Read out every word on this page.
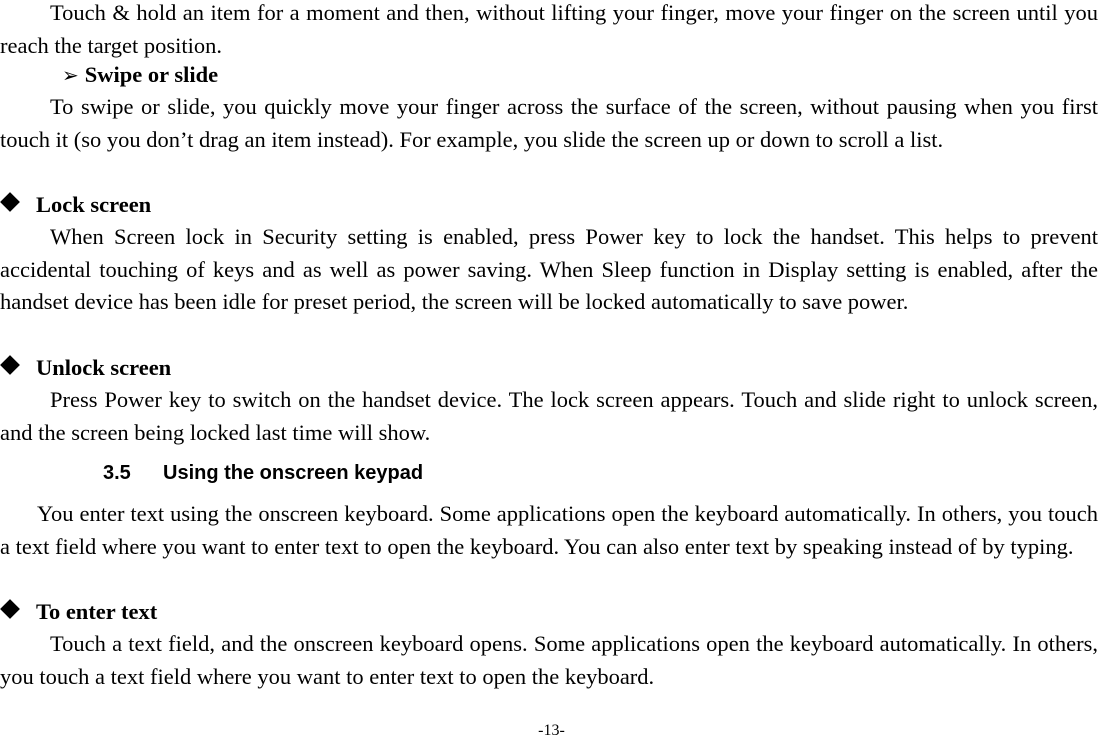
Touch & hold an item for a moment and then, without lifting your finger, move your finger on the screen until you reach the target position.

➢ Swipe or slide

To swipe or slide, you quickly move your finger across the surface of the screen, without pausing when you first touch it (so you don’t drag an item instead). For example, you slide the screen up or down to scroll a list.

Lock screen

When Screen lock in Security setting is enabled, press Power key to lock the handset. This helps to prevent accidental touching of keys and as well as power saving. When Sleep function in Display setting is enabled, after the handset device has been idle for preset period, the screen will be locked automatically to save power.

Unlock screen

Press Power key to switch on the handset device. The lock screen appears. Touch and slide right to unlock screen, and the screen being locked last time will show.

3.5 Using the onscreen keypad

You enter text using the onscreen keyboard. Some applications open the keyboard automatically. In others, you touch a text field where you want to enter text to open the keyboard. You can also enter text by speaking instead of by typing.

To enter text

Touch a text field, and the onscreen keyboard opens. Some applications open the keyboard automatically. In others, you touch a text field where you want to enter text to open the keyboard.

-13-
